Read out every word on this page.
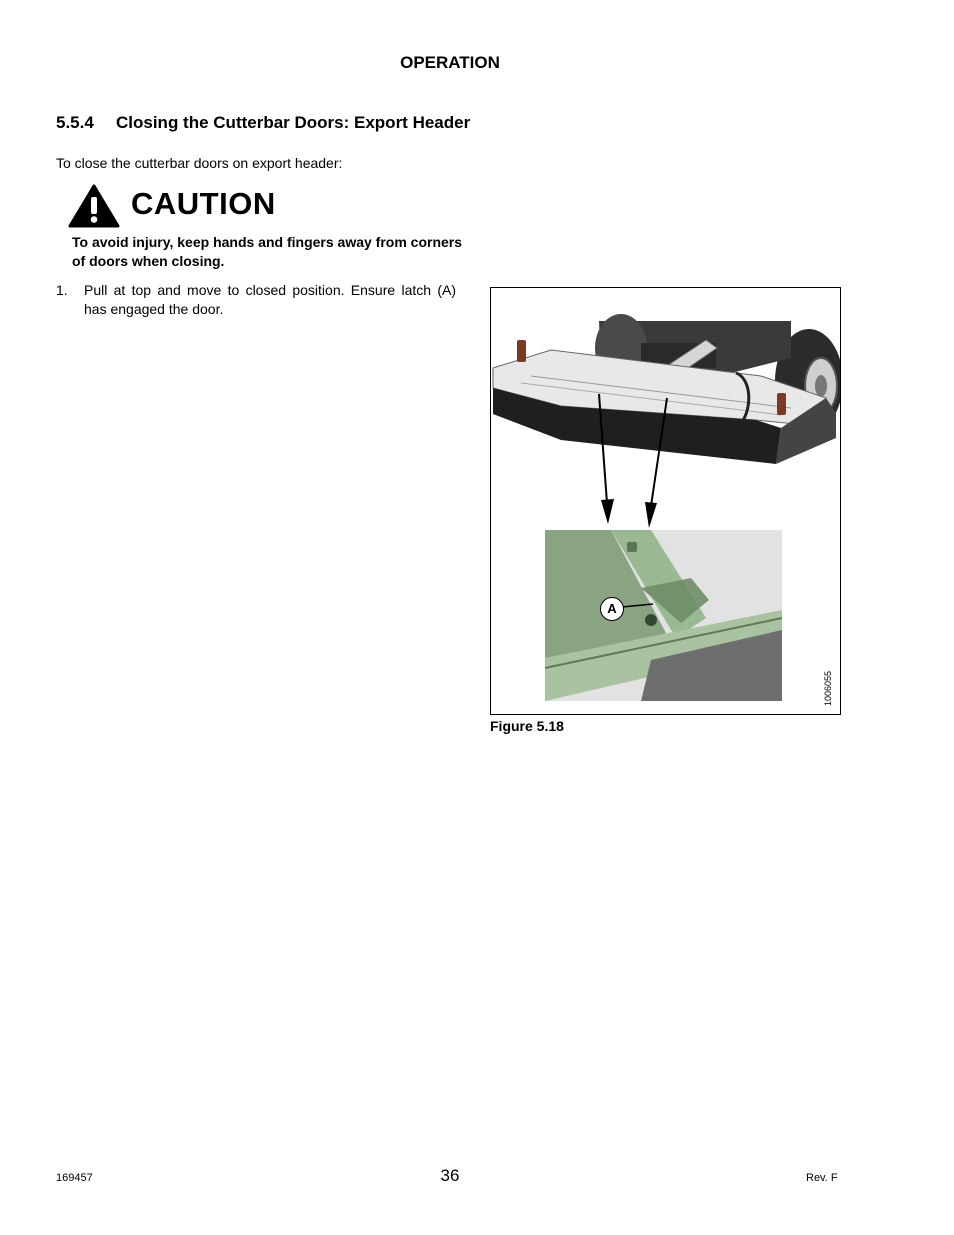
OPERATION
5.5.4 Closing the Cutterbar Doors: Export Header
To close the cutterbar doors on export header:
CAUTION
To avoid injury, keep hands and fingers away from corners of doors when closing.
1. Pull at top and move to closed position. Ensure latch (A) has engaged the door.
A
1006055
Figure 5.18
169457	36	Rev. F
